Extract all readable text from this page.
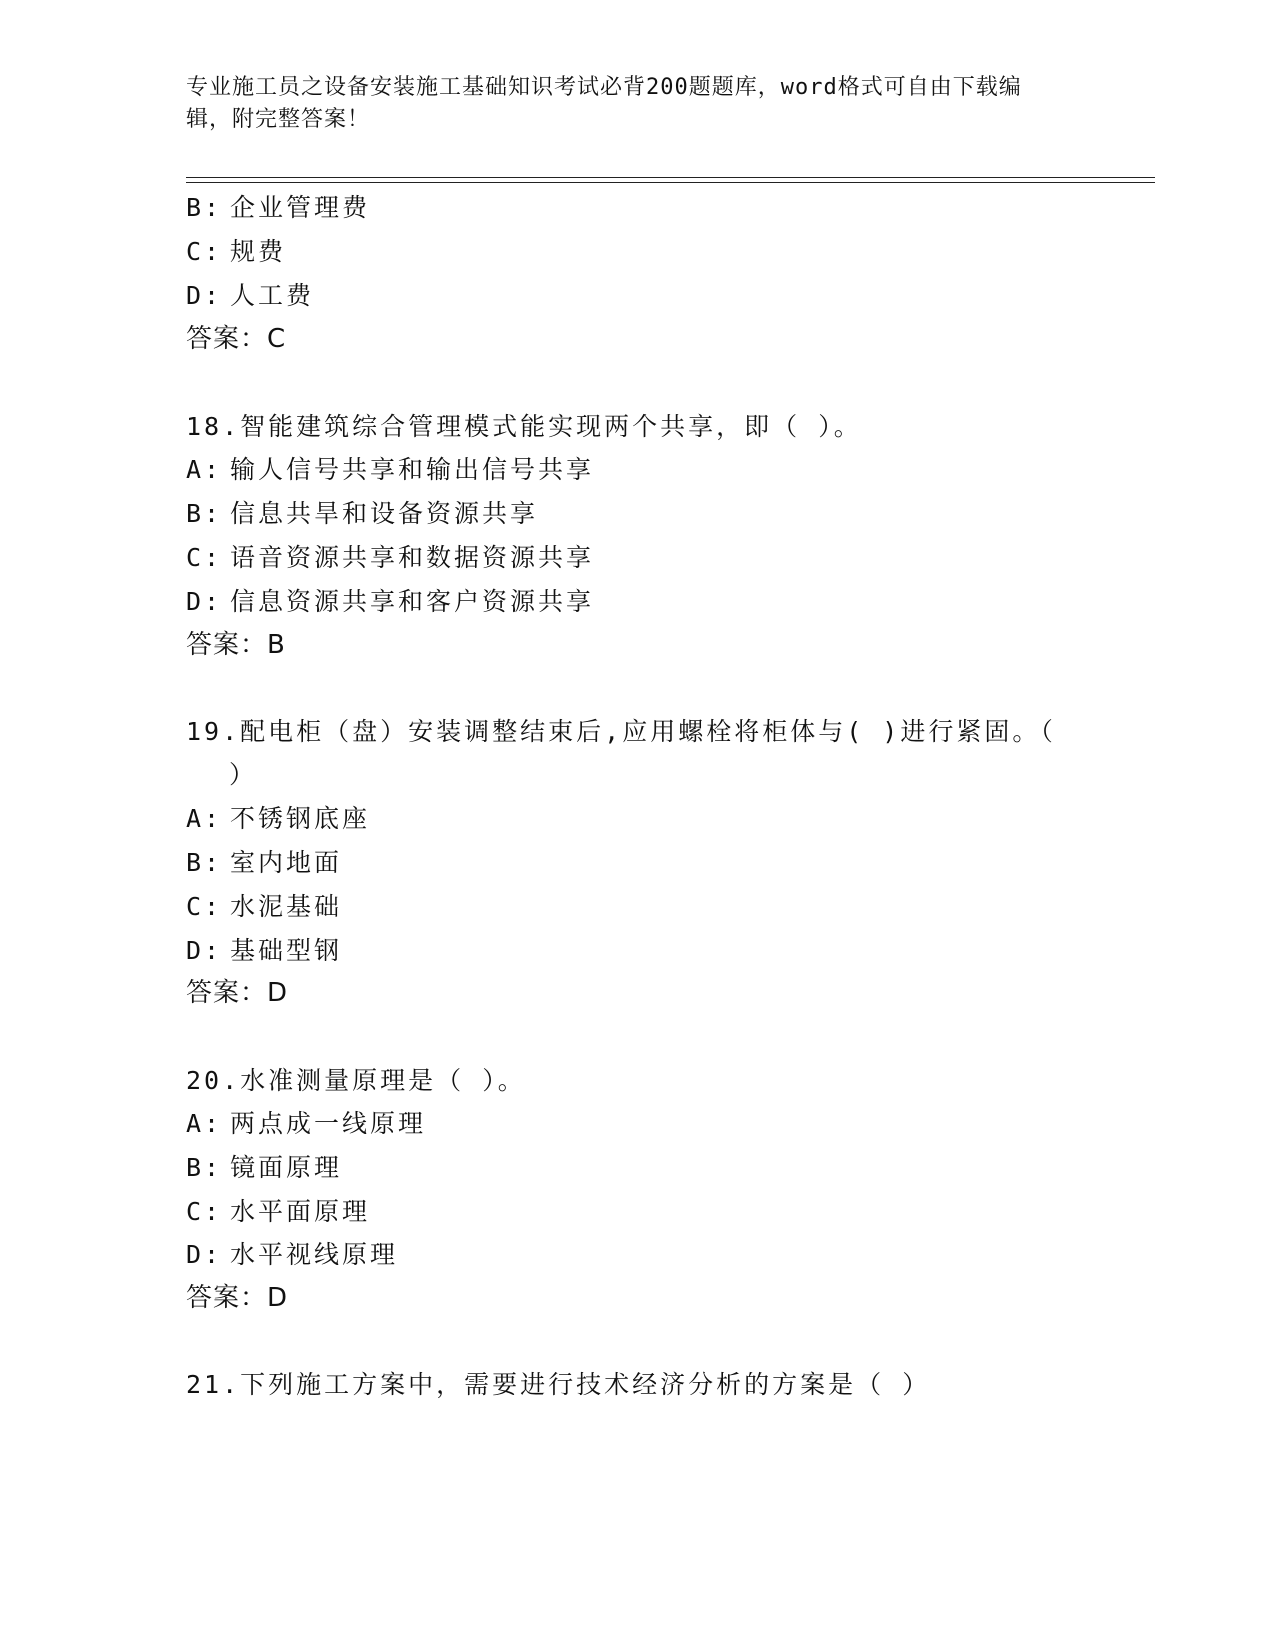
专业施工员之设备安装施工基础知识考试必背200题题库，word格式可自由下载编辑，附完整答案！
B: 企业管理费
C: 规费
D: 人工费
答案：C
18.智能建筑综合管理模式能实现两个共享，即（ ）。
A: 输人信号共享和输出信号共享
B: 信息共旱和设备资源共享
C: 语音资源共享和数据资源共享
D: 信息资源共享和客户资源共享
答案：B
19.配电柜（盘）安装调整结束后,应用螺栓将柜体与( )进行紧固。（
）
A: 不锈钢底座
B: 室内地面
C: 水泥基础
D: 基础型钢
答案：D
20.水准测量原理是（ ）。
A: 两点成一线原理
B: 镜面原理
C: 水平面原理
D: 水平视线原理
答案：D
21.下列施工方案中，需要进行技术经济分析的方案是（ ）
